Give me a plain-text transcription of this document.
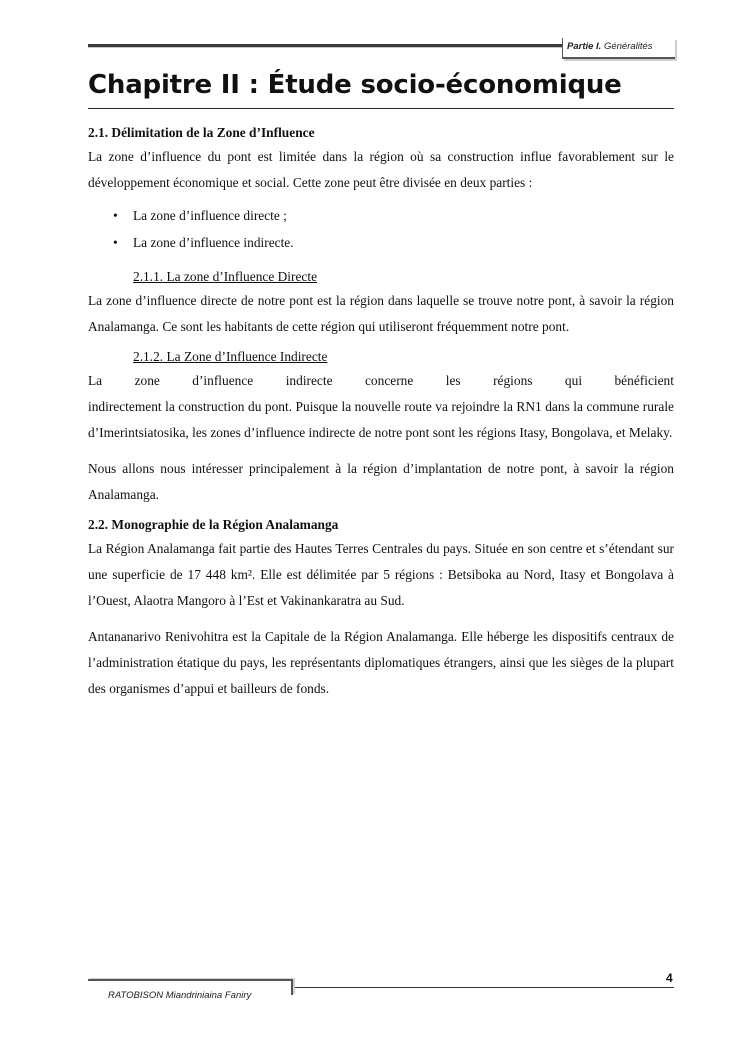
Partie I. Généralités
Chapitre II : Étude socio-économique

2.1. Délimitation de la Zone d’Influence

La zone d’influence du pont est limitée dans la région où sa construction influe favorablement sur le développement économique et social. Cette zone peut être divisée en deux parties :

• La zone d’influence directe ;
• La zone d’influence indirecte.

2.1.1. La zone d’Influence Directe

La zone d’influence directe de notre pont est la région dans laquelle se trouve notre pont, à savoir la région Analamanga. Ce sont les habitants de cette région qui utiliseront fréquemment notre pont.

2.1.2. La Zone d’Influence Indirecte

La zone d’influence indirecte concerne les régions qui bénéficient

indirectement la construction du pont. Puisque la nouvelle route va rejoindre la RN1 dans la commune rurale d’Imerintsiatosika, les zones d’influence indirecte de notre pont sont les régions Itasy, Bongolava, et Melaky.

Nous allons nous intéresser principalement à la région d’implantation de notre pont, à savoir la région Analamanga.

2.2. Monographie de la Région Analamanga

La Région Analamanga fait partie des Hautes Terres Centrales du pays. Située en son centre et s’étendant sur une superficie de 17 448 km². Elle est délimitée par 5 régions : Betsiboka au Nord, Itasy et Bongolava à l’Ouest, Alaotra Mangoro à l’Est et Vakinankaratra au Sud.

Antananarivo Renivohitra est la Capitale de la Région Analamanga. Elle héberge les dispositifs centraux de l’administration étatique du pays, les représentants diplomatiques étrangers, ainsi que les sièges de la plupart des organismes d’appui et bailleurs de fonds.

4
RATOBISON Miandriniaina Faniry
